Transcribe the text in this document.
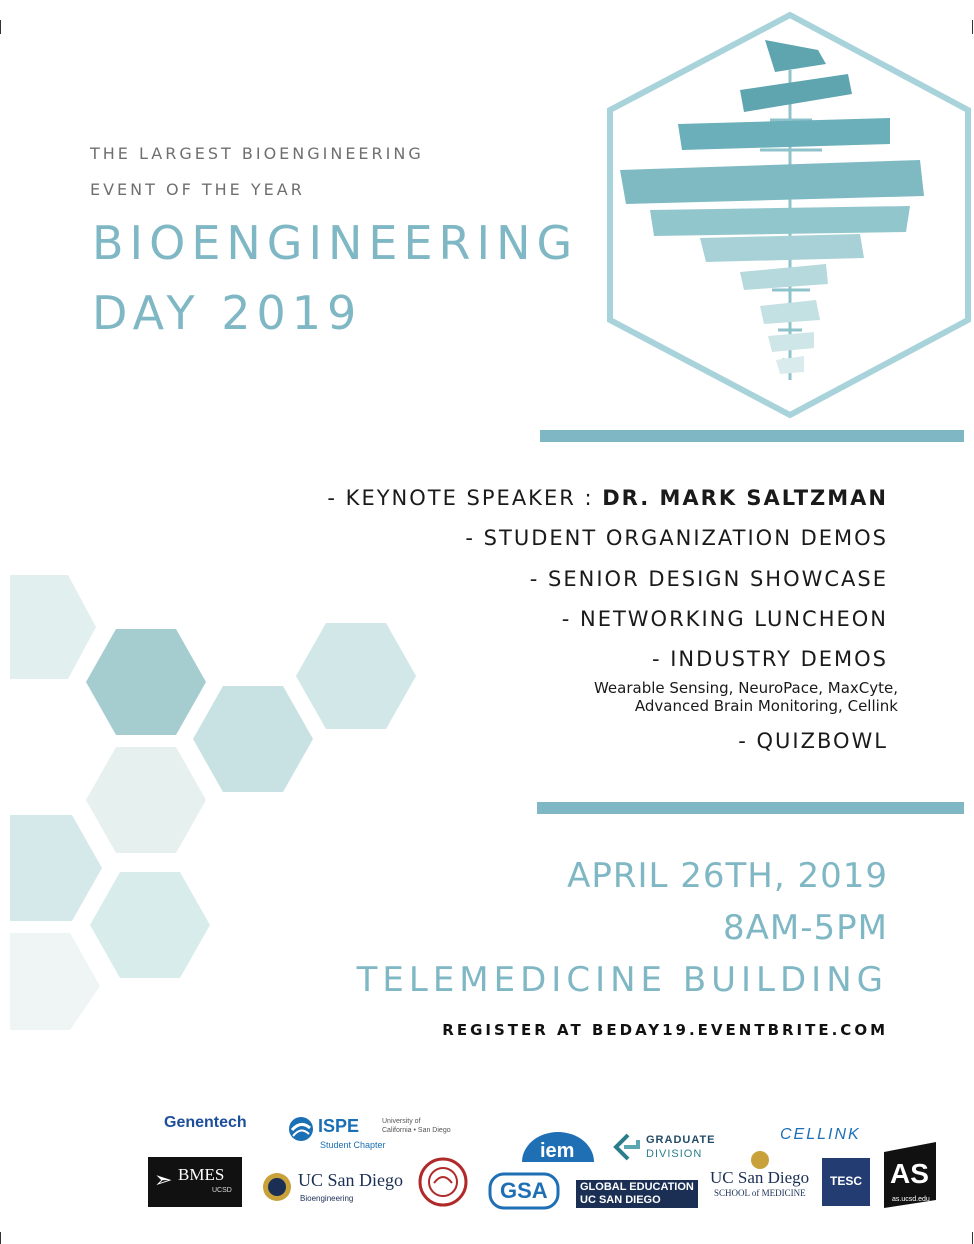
THE LARGEST BIOENGINEERING
EVENT OF THE YEAR
BIOENGINEERING
DAY 2019
- KEYNOTE SPEAKER : DR. MARK SALTZMAN
- STUDENT ORGANIZATION DEMOS
- SENIOR DESIGN SHOWCASE
- NETWORKING LUNCHEON
- INDUSTRY DEMOS
Wearable Sensing, NeuroPace, MaxCyte,
Advanced Brain Monitoring, Cellink
- QUIZBOWL
APRIL 26TH, 2019
8AM-5PM
TELEMEDICINE BUILDING
REGISTER AT BEDAY19.EVENTBRITE.COM
Genentech	ISPE
Student Chapter
University of
California • San Diego
iem	GRADUATE
DIVISION
CELLINK
➣ BMES
UCSD
UC San Diego
Bioengineering	GSA	GLOBAL EDUCATION
UC SAN DIEGO
UC San Diego
SCHOOL of MEDICINE
TESC AS
as.ucsd.edu
